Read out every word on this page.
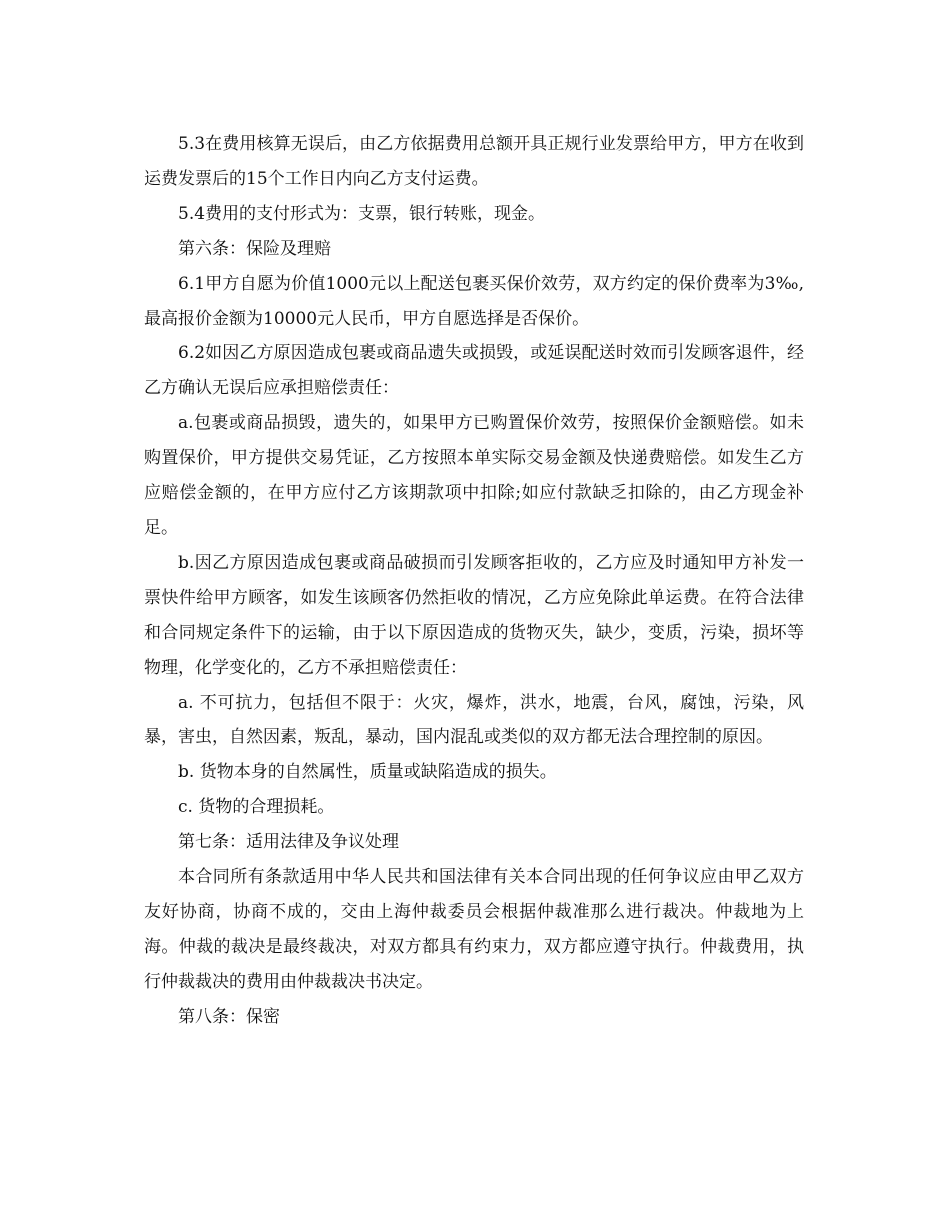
5.3在费用核算无误后，由乙方依据费用总额开具正规行业发票给甲方，甲方在收到运费发票后的15个工作日内向乙方支付运费。

5.4费用的支付形式为：支票，银行转账，现金。

第六条：保险及理赔

6.1甲方自愿为价值1000元以上配送包裹买保价效劳，双方约定的保价费率为3‰,最高报价金额为10000元人民币，甲方自愿选择是否保价。

6.2如因乙方原因造成包裹或商品遗失或损毁，或延误配送时效而引发顾客退件，经乙方确认无误后应承担赔偿责任：

a.包裹或商品损毁，遗失的，如果甲方已购置保价效劳，按照保价金额赔偿。如未购置保价，甲方提供交易凭证，乙方按照本单实际交易金额及快递费赔偿。如发生乙方应赔偿金额的，在甲方应付乙方该期款项中扣除;如应付款缺乏扣除的，由乙方现金补足。

b.因乙方原因造成包裹或商品破损而引发顾客拒收的，乙方应及时通知甲方补发一票快件给甲方顾客，如发生该顾客仍然拒收的情况，乙方应免除此单运费。在符合法律和合同规定条件下的运输，由于以下原因造成的货物灭失，缺少，变质，污染，损坏等物理，化学变化的，乙方不承担赔偿责任：

a. 不可抗力，包括但不限于：火灾，爆炸，洪水，地震，台风，腐蚀，污染，风暴，害虫，自然因素，叛乱，暴动，国内混乱或类似的双方都无法合理控制的原因。

b. 货物本身的自然属性，质量或缺陷造成的损失。

c. 货物的合理损耗。

第七条：适用法律及争议处理

本合同所有条款适用中华人民共和国法律有关本合同出现的任何争议应由甲乙双方友好协商，协商不成的，交由上海仲裁委员会根据仲裁准那么进行裁决。仲裁地为上海。仲裁的裁决是最终裁决，对双方都具有约束力，双方都应遵守执行。仲裁费用，执行仲裁裁决的费用由仲裁裁决书决定。

第八条：保密
